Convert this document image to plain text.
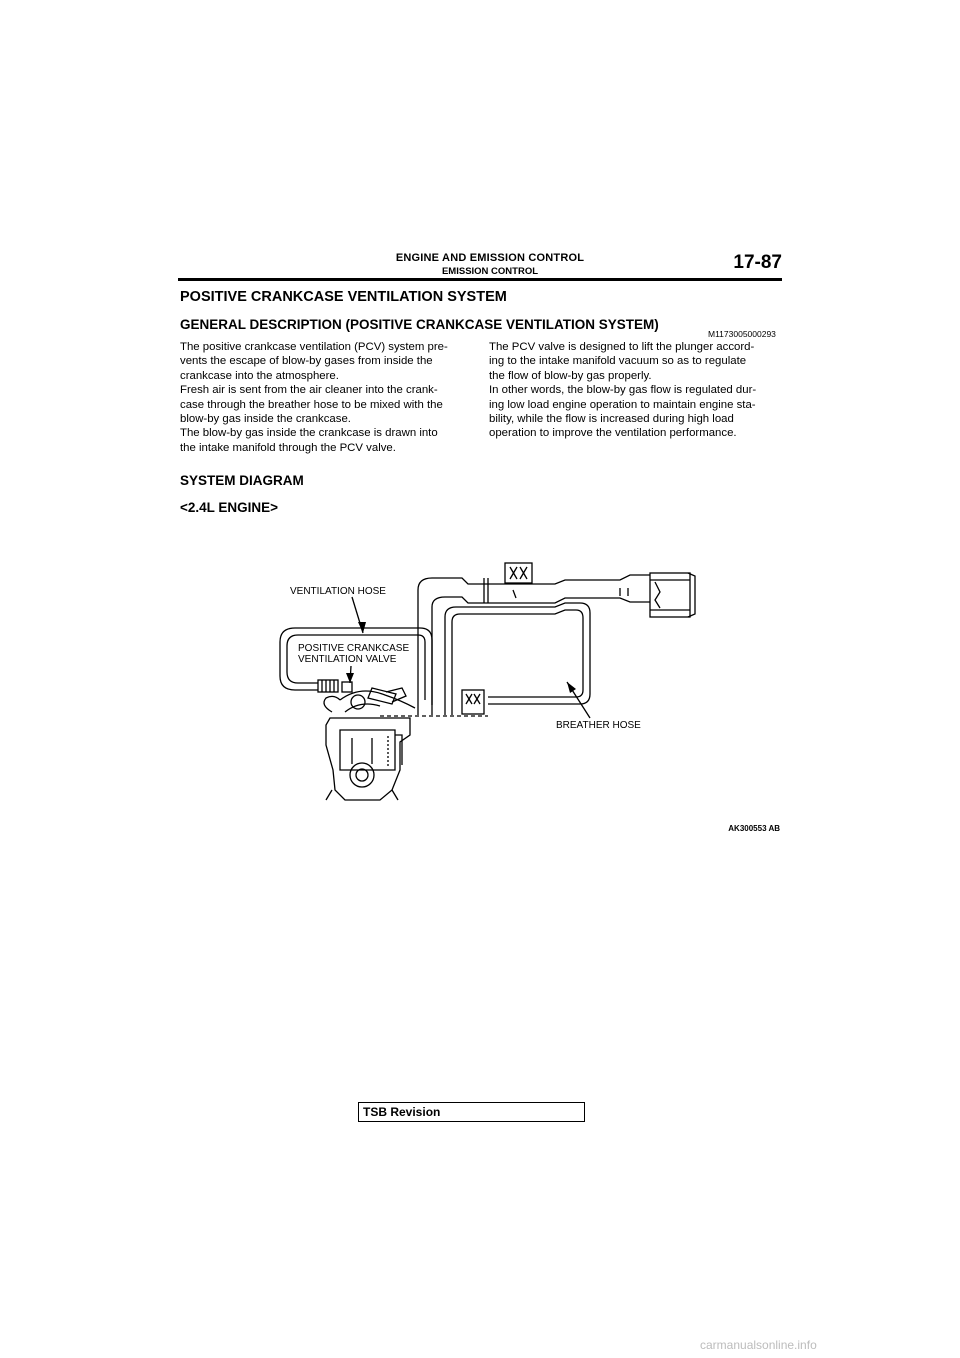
ENGINE AND EMISSION CONTROL
EMISSION CONTROL	17-87
POSITIVE CRANKCASE VENTILATION SYSTEM
GENERAL DESCRIPTION (POSITIVE CRANKCASE VENTILATION SYSTEM)
M1173005000293

The positive crankcase ventilation (PCV) system pre-

vents the escape of blow-by gases from inside the

crankcase into the atmosphere.

Fresh air is sent from the air cleaner into the crank-

case through the breather hose to be mixed with the

blow-by gas inside the crankcase.

The blow-by gas inside the crankcase is drawn into

the intake manifold through the PCV valve.

The PCV valve is designed to lift the plunger accord-

ing to the intake manifold vacuum so as to regulate

the flow of blow-by gas properly.

In other words, the blow-by gas flow is regulated dur-

ing low load engine operation to maintain engine sta-

bility, while the flow is increased during high load

operation to improve the ventilation performance.

SYSTEM DIAGRAM
<2.4L ENGINE>
VENTILATION HOSE
POSITIVE CRANKCASE
VENTILATION VALVE
BREATHER HOSE
AK300553 AB
TSB Revision
carmanualsonline.info
